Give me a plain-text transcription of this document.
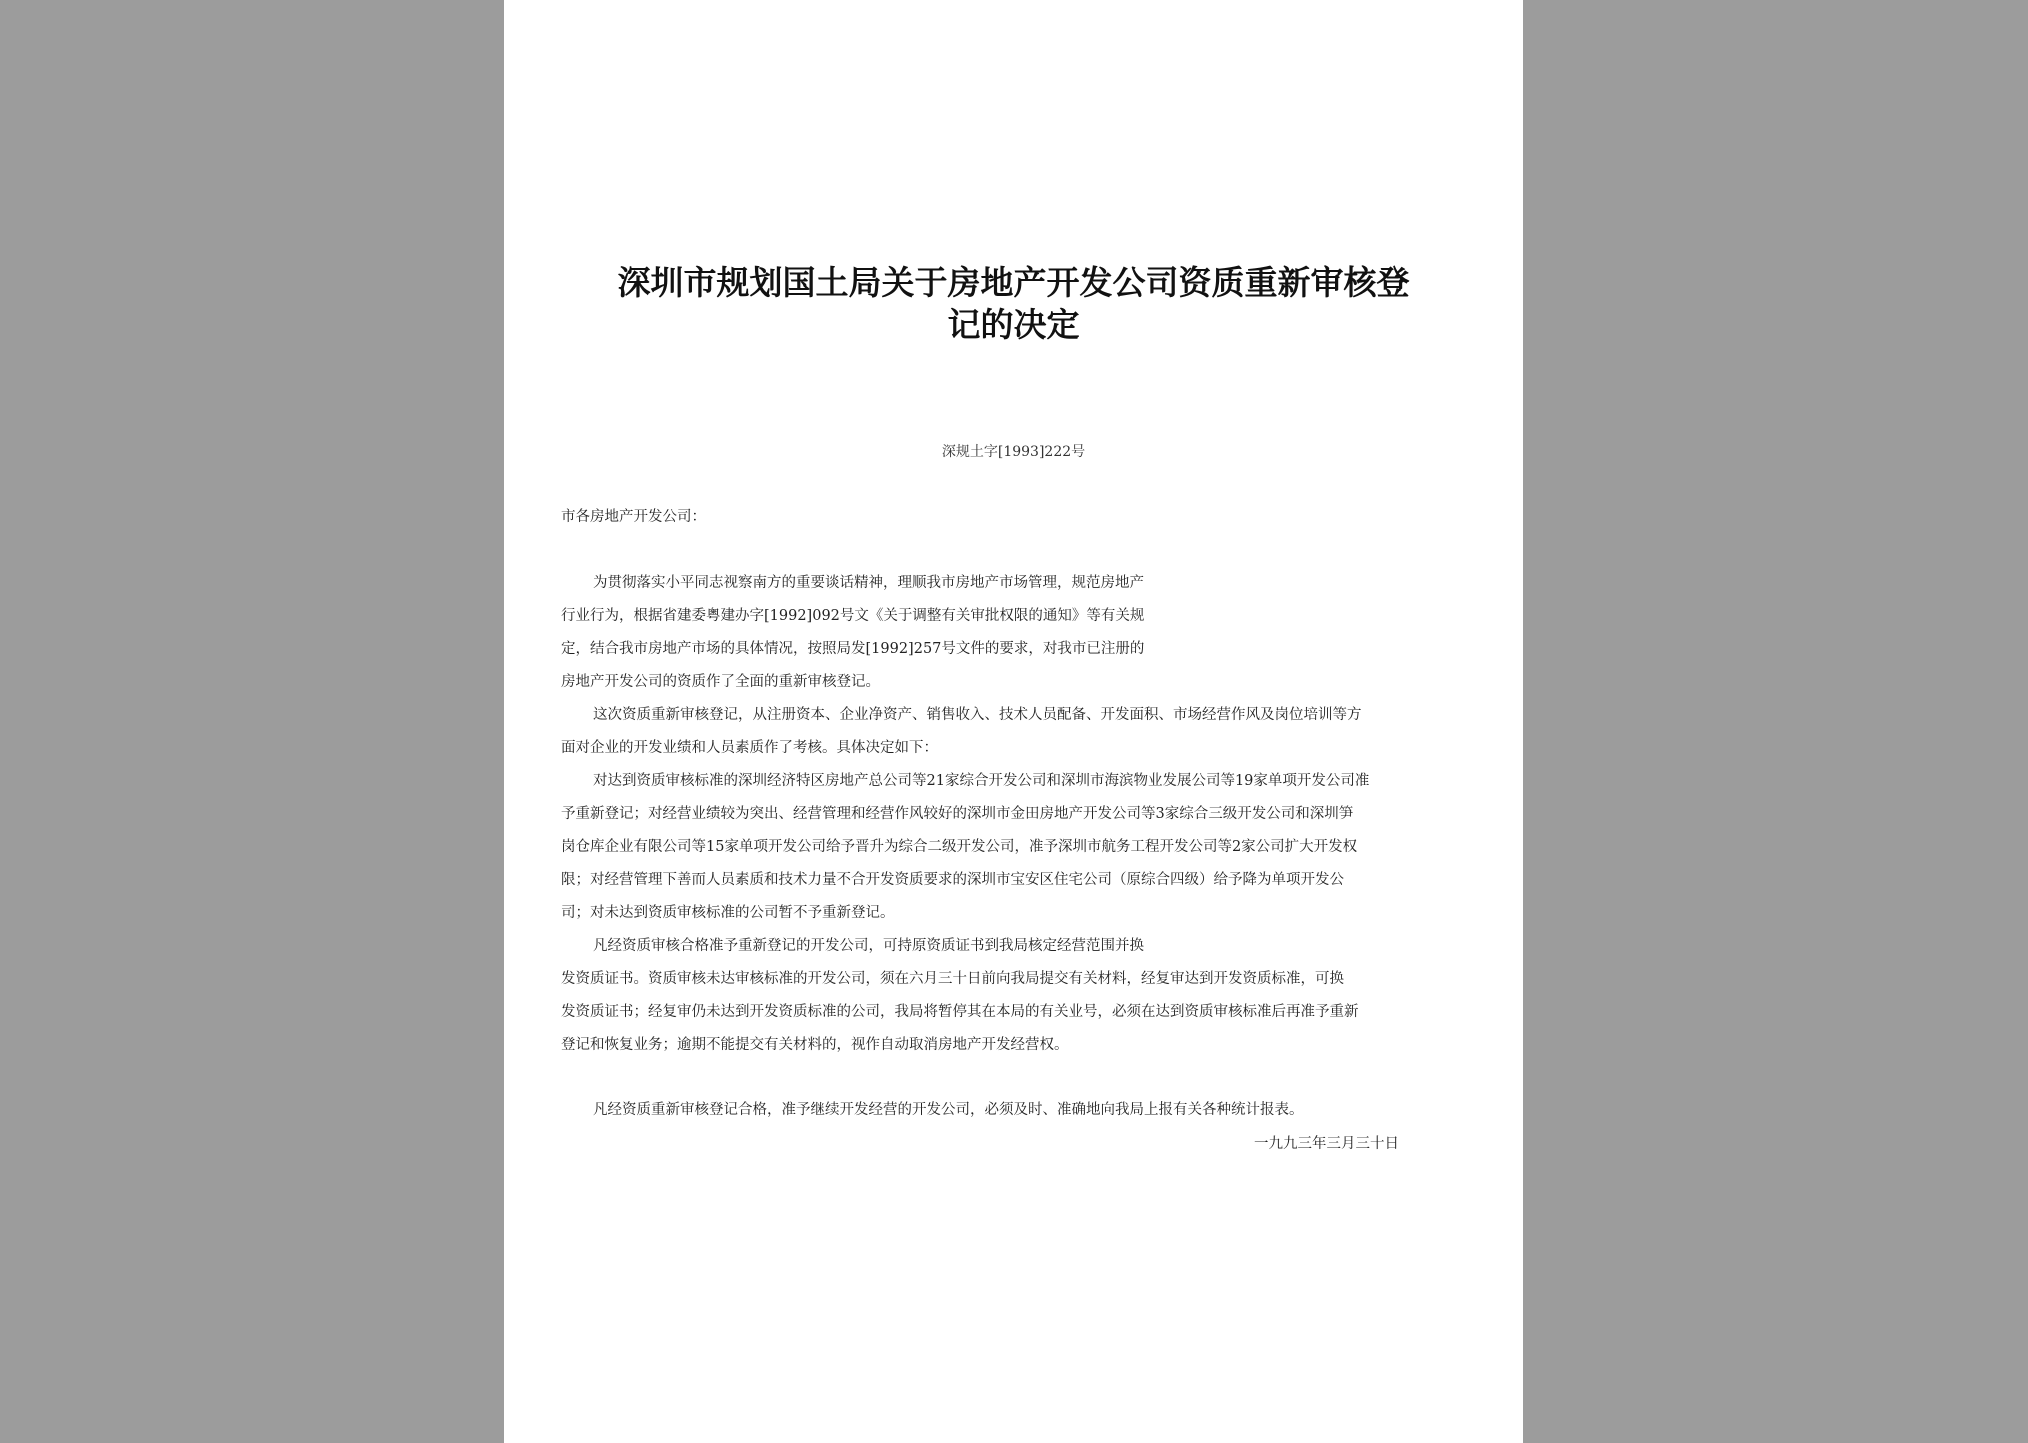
深圳市规划国土局关于房地产开发公司资质重新审核登
记的决定
深规土字[1993]222号
市各房地产开发公司：
为贯彻落实小平同志视察南方的重要谈话精神，理顺我市房地产市场管理，规范房地产
行业行为，根据省建委粤建办字[1992]092号文《关于调整有关审批权限的通知》等有关规
定，结合我市房地产市场的具体情况，按照局发[1992]257号文件的要求，对我市已注册的
房地产开发公司的资质作了全面的重新审核登记。
这次资质重新审核登记，从注册资本、企业净资产、销售收入、技术人员配备、开发面积、市场经营作风及岗位培训等方
面对企业的开发业绩和人员素质作了考核。具体决定如下：
对达到资质审核标准的深圳经济特区房地产总公司等21家综合开发公司和深圳市海滨物业发展公司等19家单项开发公司准
予重新登记；对经营业绩较为突出、经营管理和经营作风较好的深圳市金田房地产开发公司等3家综合三级开发公司和深圳笋
岗仓库企业有限公司等15家单项开发公司给予晋升为综合二级开发公司，准予深圳市航务工程开发公司等2家公司扩大开发权
限；对经营管理下善而人员素质和技术力量不合开发资质要求的深圳市宝安区住宅公司（原综合四级）给予降为单项开发公
司；对未达到资质审核标准的公司暂不予重新登记。
凡经资质审核合格准予重新登记的开发公司，可持原资质证书到我局核定经营范围并换
发资质证书。资质审核未达审核标准的开发公司，须在六月三十日前向我局提交有关材料，经复审达到开发资质标准，可换
发资质证书；经复审仍未达到开发资质标准的公司，我局将暂停其在本局的有关业号，必须在达到资质审核标准后再准予重新
登记和恢复业务；逾期不能提交有关材料的，视作自动取消房地产开发经营权。
凡经资质重新审核登记合格，准予继续开发经营的开发公司，必须及时、准确地向我局上报有关各种统计报表。
一九九三年三月三十日
